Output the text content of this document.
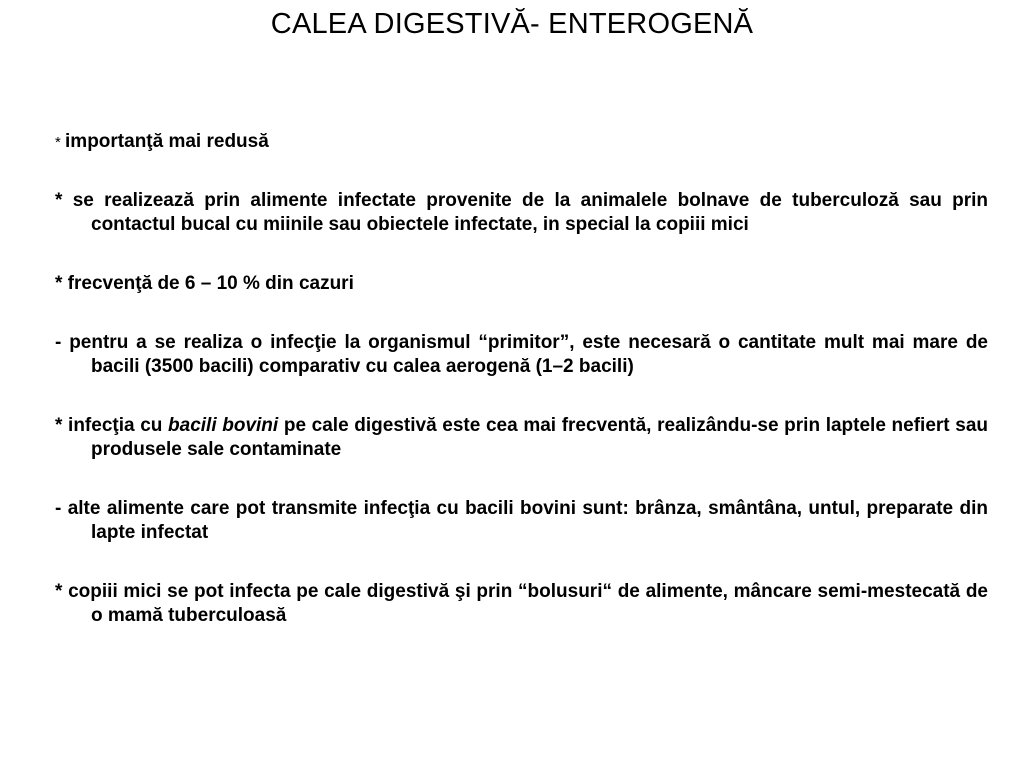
CALEA DIGESTIVĂ- ENTEROGENĂ

* importanţă mai redusă

* se realizează prin alimente infectate provenite de la animalele bolnave de tuberculoză sau prin contactul bucal cu miinile sau obiectele infectate, in special la copiii mici

* frecvenţă de 6 – 10 % din cazuri

- pentru a se realiza o infecţie la organismul “primitor”, este necesară o cantitate mult mai mare de bacili (3500 bacili) comparativ cu calea aerogenă (1–2 bacili)

* infecţia cu bacili bovini pe cale digestivă este cea mai frecventă, realizându-se prin laptele nefiert sau produsele sale contaminate

- alte alimente care pot transmite infecţia cu bacili bovini sunt: brânza, smântâna, untul, preparate din lapte infectat

* copiii mici se pot infecta pe cale digestivă şi prin “bolusuri“ de alimente, mâncare semi-mestecată de o mamă tuberculoasă
